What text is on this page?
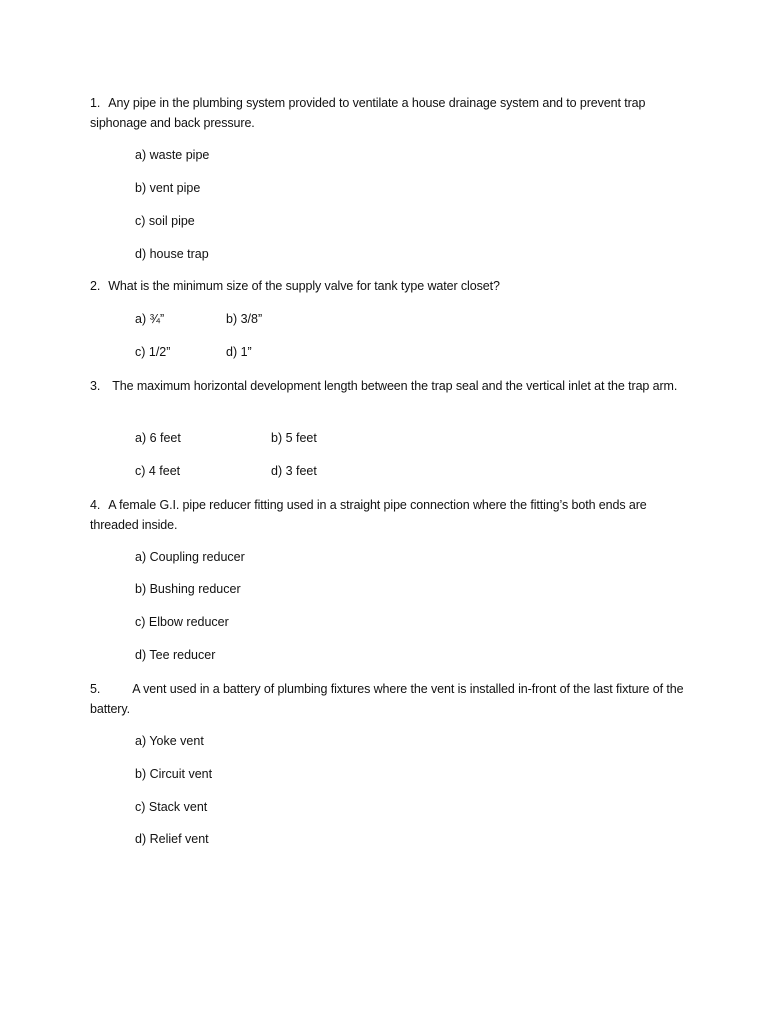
1. Any pipe in the plumbing system provided to ventilate a house drainage system and to prevent trap siphonage and back pressure.
a) waste pipe
b) vent pipe
c) soil pipe
d) house trap
2. What is the minimum size of the supply valve for tank type water closet?
a) ¾”	b) 3/8”
c) 1/2”	d) 1”
3. The maximum horizontal development length between the trap seal and the vertical inlet at the trap arm.
a) 6 feet	b) 5 feet
c) 4 feet	d) 3 feet
4. A female G.I. pipe reducer fitting used in a straight pipe connection where the fitting’s both ends are threaded inside.
a) Coupling reducer
b) Bushing reducer
c) Elbow reducer
d) Tee reducer
5.	A vent used in a battery of plumbing fixtures where the vent is installed in-front of the last fixture of the battery.
a) Yoke vent
b) Circuit vent
c) Stack vent
d) Relief vent
